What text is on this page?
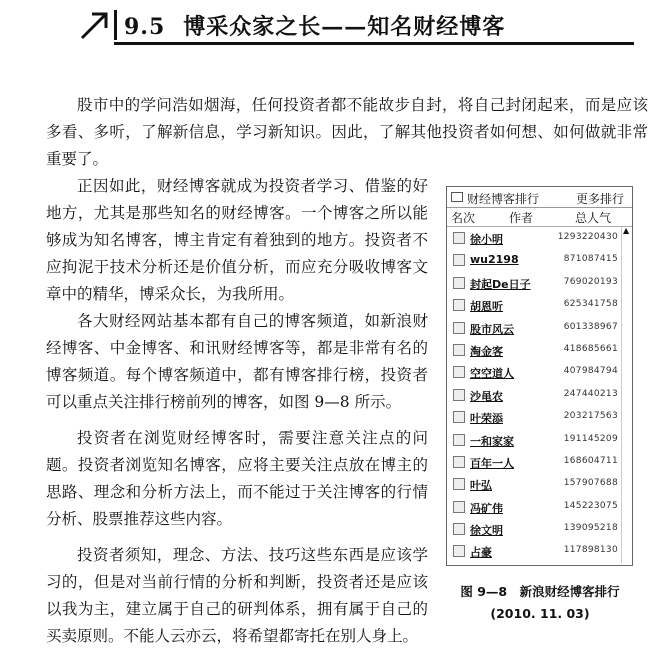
9.5 博采众家之长——知名财经博客

股市中的学问浩如烟海，任何投资者都不能故步自封，将自己封闭起来，而是应该多看、多听，了解新信息，学习新知识。因此，了解其他投资者如何想、如何做就非常重要了。

正因如此，财经博客就成为投资者学习、借鉴的好地方，尤其是那些知名的财经博客。一个博客之所以能够成为知名博客，博主肯定有着独到的地方。投资者不应拘泥于技术分析还是价值分析，而应充分吸收博客文章中的精华，博采众长，为我所用。

各大财经网站基本都有自己的博客频道，如新浪财经博客、中金博客、和讯财经博客等，都是非常有名的博客频道。每个博客频道中，都有博客排行榜，投资者可以重点关注排行榜前列的博客，如图 9—8 所示。

投资者在浏览财经博客时，需要注意关注点的问题。投资者浏览知名博客，应将主要关注点放在博主的思路、理念和分析方法上，而不能过于关注博客的行情分析、股票推荐这些内容。

投资者须知，理念、方法、技巧这些东西是应该学习的，但是对当前行情的分析和判断，投资者还是应该以我为主，建立属于自己的研判体系，拥有属于自己的买卖原则。不能人云亦云，将希望都寄托在别人身上。

财经博客排行	更多排行
名次	作者	总人气
徐小明	1293220430
wu2198	871087415
封起De日子	769020193
胡恩听	625341758
股市风云	601338967
淘金客	418685661
空空道人	407984794
沙黾农	247440213
叶荣添	203217563
一和家家	191145209
百年一人	168604711
叶弘	157907688
冯矿伟	145223075
徐文明	139095218
占豪	117898130
▲
图 9—8　新浪财经博客排行
(2010. 11. 03)
